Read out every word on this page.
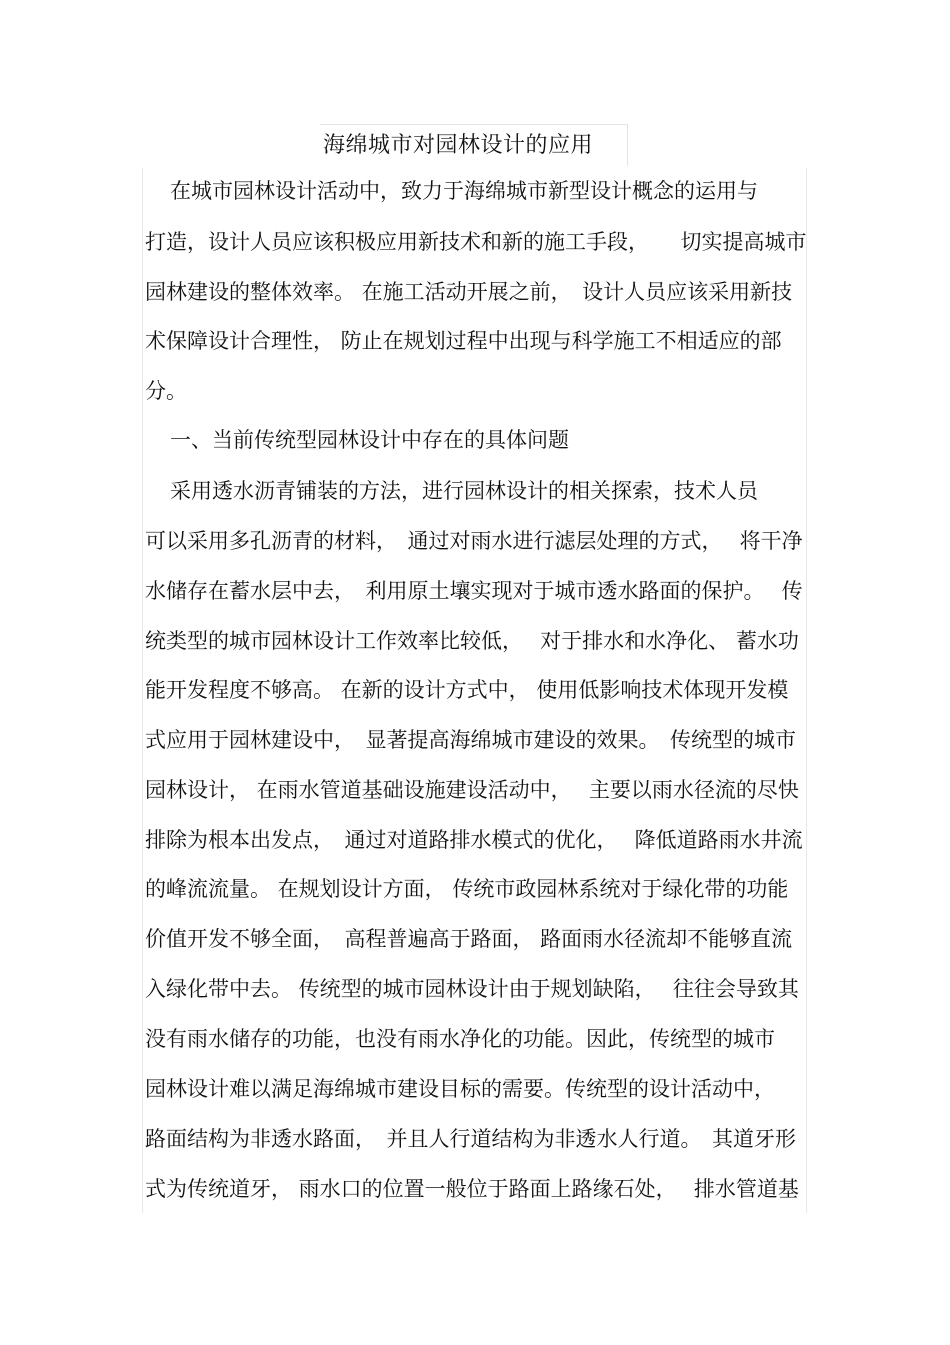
海绵城市对园林设计的应用
在城市园林设计活动中，致力于海绵城市新型设计概念的运用与
打造，设计人员应该积极应用新技术和新的施工手段，　　切实提高城市
园林建设的整体效率。 在施工活动开展之前，　设计人员应该采用新技
术保障设计合理性， 防止在规划过程中出现与科学施工不相适应的部
分。
一、当前传统型园林设计中存在的具体问题
采用透水沥青铺装的方法，进行园林设计的相关探索，技术人员
可以采用多孔沥青的材料，　通过对雨水进行滤层处理的方式，　 将干净
水储存在蓄水层中去，　利用原土壤实现对于城市透水路面的保护。　 传
统类型的城市园林设计工作效率比较低，　 对于排水和水净化、 蓄水功
能开发程度不够高。 在新的设计方式中， 使用低影响技术体现开发模
式应用于园林建设中，　显著提高海绵城市建设的效果。　传统型的城市
园林设计， 在雨水管道基础设施建设活动中，　 主要以雨水径流的尽快
排除为根本出发点，　通过对道路排水模式的优化，　 降低道路雨水井流
的峰流流量。 在规划设计方面， 传统市政园林系统对于绿化带的功能
价值开发不够全面，　高程普遍高于路面， 路面雨水径流却不能够直流
入绿化带中去。 传统型的城市园林设计由于规划缺陷，　 往往会导致其
没有雨水储存的功能，也没有雨水净化的功能。因此，传统型的城市
园林设计难以满足海绵城市建设目标的需要。传统型的设计活动中，
路面结构为非透水路面，　并且人行道结构为非透水人行道。　其道牙形
式为传统道牙， 雨水口的位置一般位于路面上路缘石处，　 排水管道基
